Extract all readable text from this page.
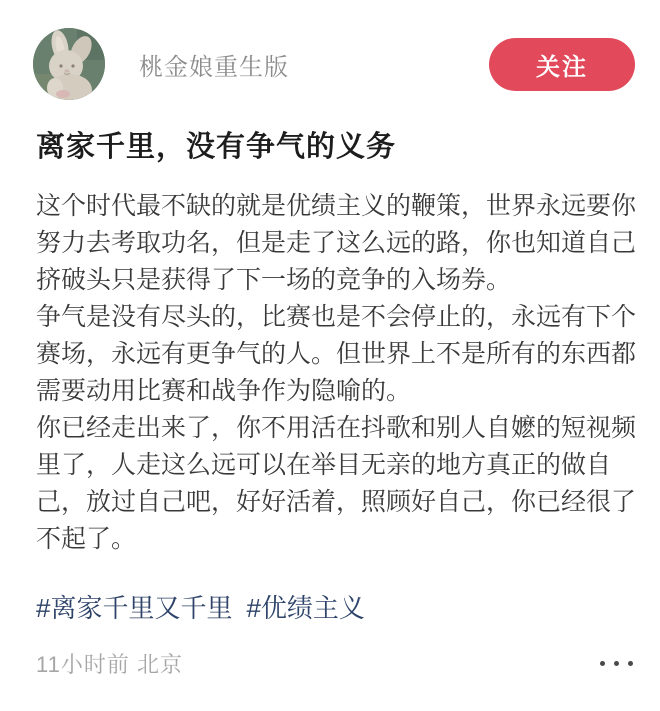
桃金娘重生版	关注
离家千里，没有争气的义务
这个时代最不缺的就是优绩主义的鞭策，世界永远要你
努力去考取功名，但是走了这么远的路，你也知道自己
挤破头只是获得了下一场的竞争的入场券。
争气是没有尽头的，比赛也是不会停止的，永远有下个
赛场，永远有更争气的人。但世界上不是所有的东西都
需要动用比赛和战争作为隐喻的。
你已经走出来了，你不用活在抖歌和别人自嬷的短视频
里了，人走这么远可以在举目无亲的地方真正的做自
己，放过自己吧，好好活着，照顾好自己，你已经很了
不起了。
#离家千里又千里 #优绩主义
11小时前 北京
